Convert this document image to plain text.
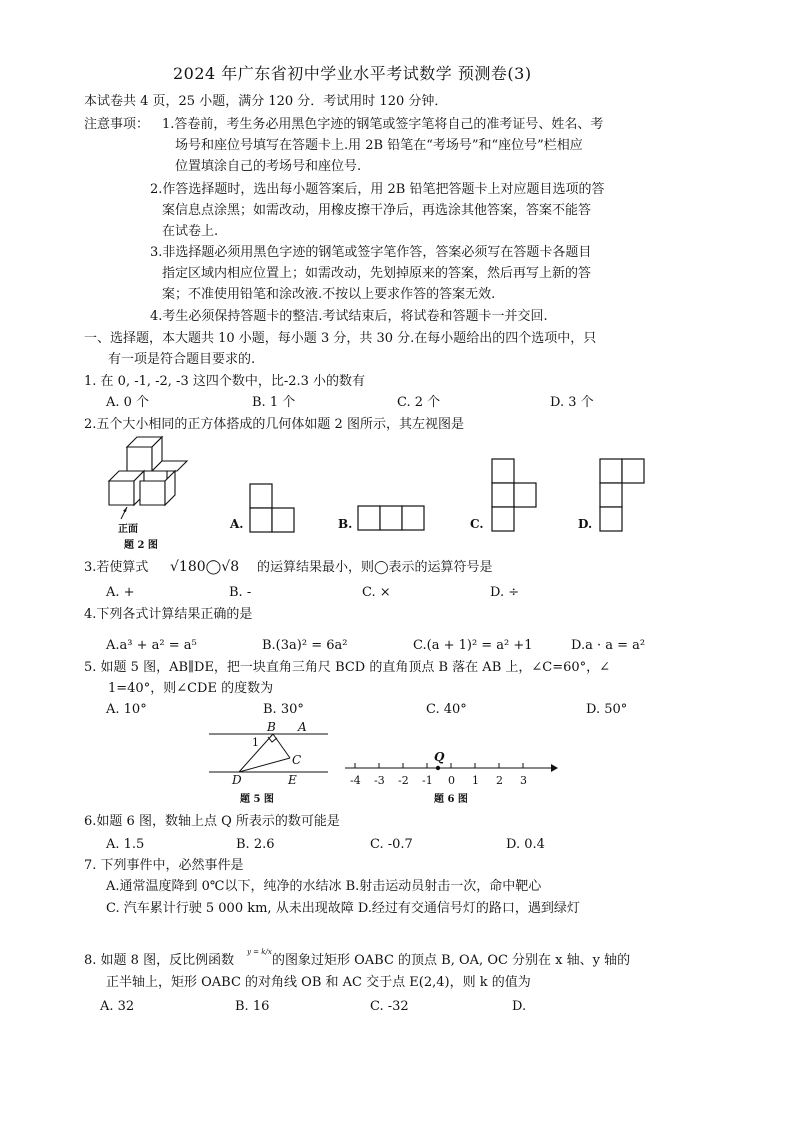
2024 年广东省初中学业水平考试数学 预测卷(3)
本试卷共 4 页，25 小题，满分 120 分．考试用时 120 分钟．
注意事项： 1.答卷前，考生务必用黑色字迹的钢笔或签字笔将自己的准考证号、姓名、考
场号和座位号填写在答题卡上.用 2B 铅笔在“考场号”和“座位号”栏相应
位置填涂自己的考场号和座位号.
2.作答选择题时，选出每小题答案后，用 2B 铅笔把答题卡上对应题目选项的答
案信息点涂黑；如需改动，用橡皮擦干净后，再选涂其他答案，答案不能答
在试卷上.
3.非选择题必须用黑色字迹的钢笔或签字笔作答，答案必须写在答题卡各题目
指定区域内相应位置上；如需改动，先划掉原来的答案，然后再写上新的答
案；不准使用铅笔和涂改液.不按以上要求作答的答案无效.
4.考生必须保持答题卡的整洁.考试结束后，将试卷和答题卡一并交回.
一、选择题，本大题共 10 小题，每小题 3 分，共 30 分.在每小题给出的四个选项中，只
有一项是符合题目要求的.
1. 在 0, -1, -2, -3 这四个数中，比-2.3 小的数有
A. 0 个	B. 1 个	C. 2 个	D. 3 个
2.五个大小相同的正方体搭成的几何体如题 2 图所示，其左视图是
正面
题 2 图
A.	B.	C.	D.
3.若使算式 √180◯√8 的运算结果最小，则◯表示的运算符号是
A. +	B. -	C. ×	D. ÷
4.下列各式计算结果正确的是
A.a³ + a² = a⁵	B.(3a)² = 6a²	C.(a + 1)² = a² +1	D.a · a = a²
5. 如题 5 图，AB∥DE，把一块直角三角尺 BCD 的直角顶点 B 落在 AB 上，∠C=60°，∠
1=40°，则∠CDE 的度数为
A. 10°	B. 30°	C. 40°	D. 50°
B A
1
C
D	E
题 5 图
Q
-4 -3 -2 -1 0 1 2 3
题 6 图
6.如题 6 图，数轴上点 Q 所表示的数可能是
A. 1.5	B. 2.6	C. -0.7	D. 0.4
7. 下列事件中，必然事件是
A.通常温度降到 0℃以下，纯净的水结冰 B.射击运动员射击一次，命中靶心
C. 汽车累计行驶 5 000 km, 从未出现故障 D.经过有交通信号灯的路口，遇到绿灯
8. 如题 8 图，反比例函数
y = k/x
的图象过矩形 OABC 的顶点 B, OA, OC 分别在 x 轴、y 轴的
正半轴上，矩形 OABC 的对角线 OB 和 AC 交于点 E(2,4)，则 k 的值为
A. 32	B. 16	C. -32	D.
